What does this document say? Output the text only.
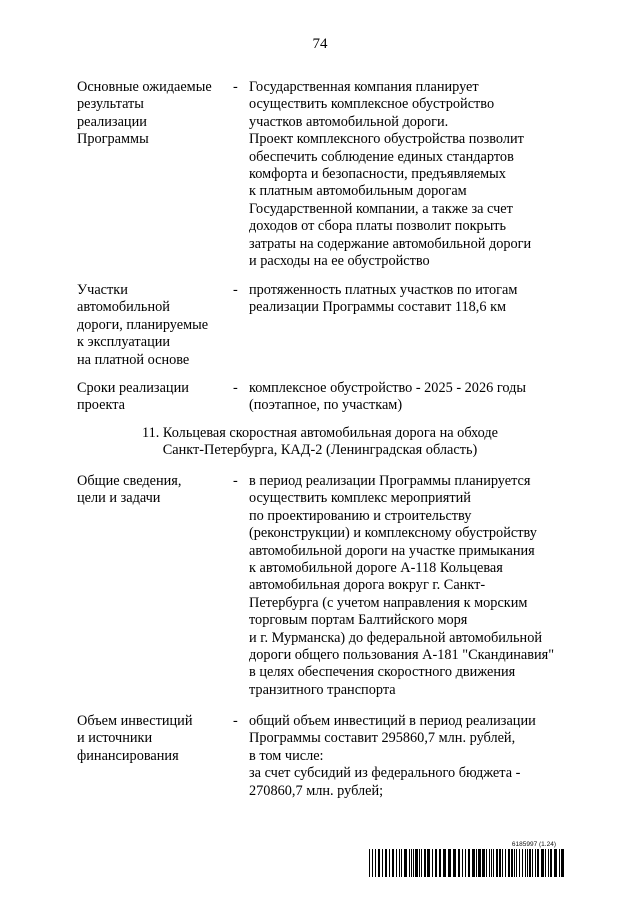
74
Основные ожидаемые
результаты
реализации
Программы
- Государственная компания планирует
осуществить комплексное обустройство
участков автомобильной дороги.
Проект комплексного обустройства позволит
обеспечить соблюдение единых стандартов
комфорта и безопасности, предъявляемых
к платным автомобильным дорогам
Государственной компании, а также за счет
доходов от сбора платы позволит покрыть
затраты на содержание автомобильной дороги
и расходы на ее обустройство
Участки
автомобильной
дороги, планируемые
к эксплуатации
на платной основе
- протяженность платных участков по итогам
реализации Программы составит 118,6 км
Сроки реализации
проекта
- комплексное обустройство - 2025 - 2026 годы
(поэтапное, по участкам)
11. Кольцевая скоростная автомобильная дорога на обходе
Санкт-Петербурга, КАД-2 (Ленинградская область)
Общие сведения,
цели и задачи
- в период реализации Программы планируется
осуществить комплекс мероприятий
по проектированию и строительству
(реконструкции) и комплексному обустройству
автомобильной дороги на участке примыкания
к автомобильной дороге А-118 Кольцевая
автомобильная дорога вокруг г. Санкт-
Петербурга (с учетом направления к морским
торговым портам Балтийского моря
и г. Мурманска) до федеральной автомобильной
дороги общего пользования А-181 "Скандинавия"
в целях обеспечения скоростного движения
транзитного транспорта
Объем инвестиций
и источники
финансирования
- общий объем инвестиций в период реализации
Программы составит 295860,7 млн. рублей,
в том числе:
за счет субсидий из федерального бюджета -
270860,7 млн. рублей;
6185997 (1.24)
